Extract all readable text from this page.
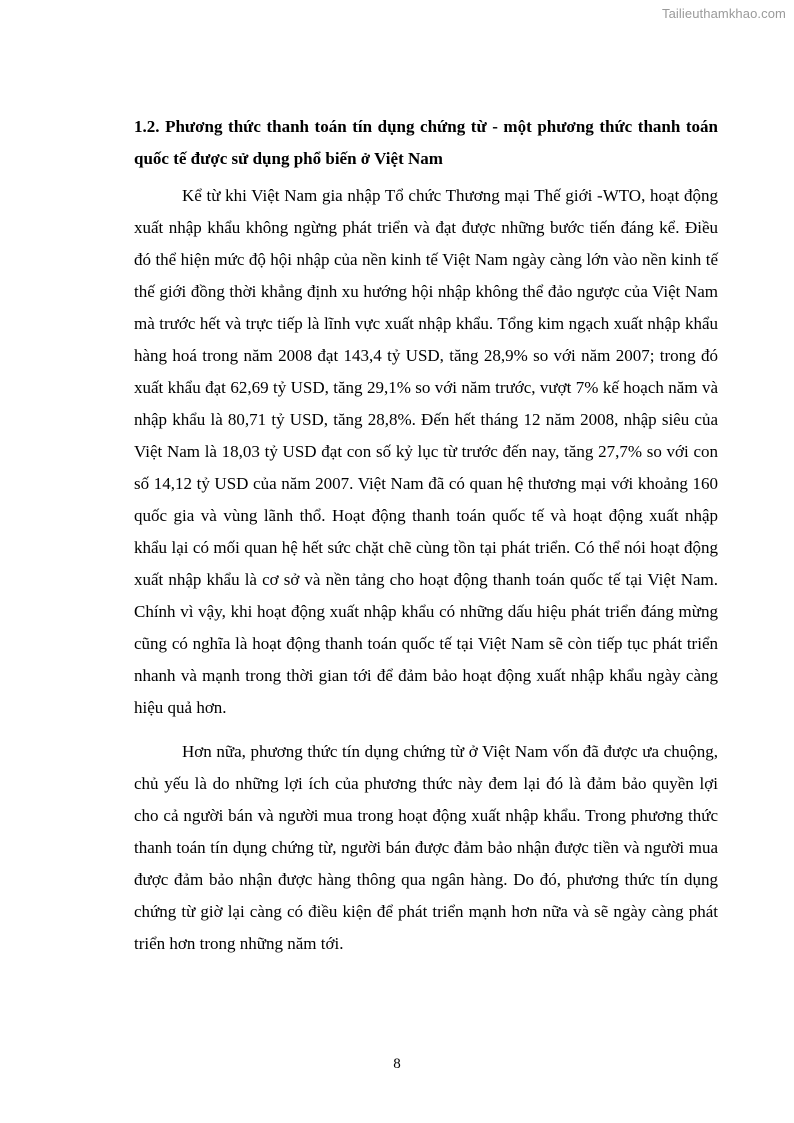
Tailieuthamkhao.com
1.2. Phương thức thanh toán tín dụng chứng từ - một phương thức thanh toán quốc tế được sử dụng phổ biến ở Việt Nam

Kể từ khi Việt Nam gia nhập Tổ chức Thương mại Thế giới -WTO, hoạt động xuất nhập khẩu không ngừng phát triển và đạt được những bước tiến đáng kể. Điều đó thể hiện mức độ hội nhập của nền kinh tế Việt Nam ngày càng lớn vào nền kinh tế thế giới đồng thời khẳng định xu hướng hội nhập không thể đảo ngược của Việt Nam mà trước hết và trực tiếp là lĩnh vực xuất nhập khẩu. Tổng kim ngạch xuất nhập khẩu hàng hoá trong năm 2008 đạt 143,4 tỷ USD, tăng 28,9% so với năm 2007; trong đó xuất khẩu đạt 62,69 tỷ USD, tăng 29,1% so với năm trước, vượt 7% kế hoạch năm và nhập khẩu là 80,71 tỷ USD, tăng 28,8%. Đến hết tháng 12 năm 2008, nhập siêu của Việt Nam là 18,03 tỷ USD đạt con số kỷ lục từ trước đến nay, tăng 27,7% so với con số 14,12 tỷ USD của năm 2007. Việt Nam đã có quan hệ thương mại với khoảng 160 quốc gia và vùng lãnh thổ. Hoạt động thanh toán quốc tế và hoạt động xuất nhập khẩu lại có mối quan hệ hết sức chặt chẽ cùng tồn tại phát triển. Có thể nói hoạt động xuất nhập khẩu là cơ sở và nền tảng cho hoạt động thanh toán quốc tế tại Việt Nam. Chính vì vậy, khi hoạt động xuất nhập khẩu có những dấu hiệu phát triển đáng mừng cũng có nghĩa là hoạt động thanh toán quốc tế tại Việt Nam sẽ còn tiếp tục phát triển nhanh và mạnh trong thời gian tới để đảm bảo hoạt động xuất nhập khẩu ngày càng hiệu quả hơn.

Hơn nữa, phương thức tín dụng chứng từ ở Việt Nam vốn đã được ưa chuộng, chủ yếu là do những lợi ích của phương thức này đem lại đó là đảm bảo quyền lợi cho cả người bán và người mua trong hoạt động xuất nhập khẩu. Trong phương thức thanh toán tín dụng chứng từ, người bán được đảm bảo nhận được tiền và người mua được đảm bảo nhận được hàng thông qua ngân hàng. Do đó, phương thức tín dụng chứng từ giờ lại càng có điều kiện để phát triển mạnh hơn nữa và sẽ ngày càng phát triển hơn trong những năm tới.

8
